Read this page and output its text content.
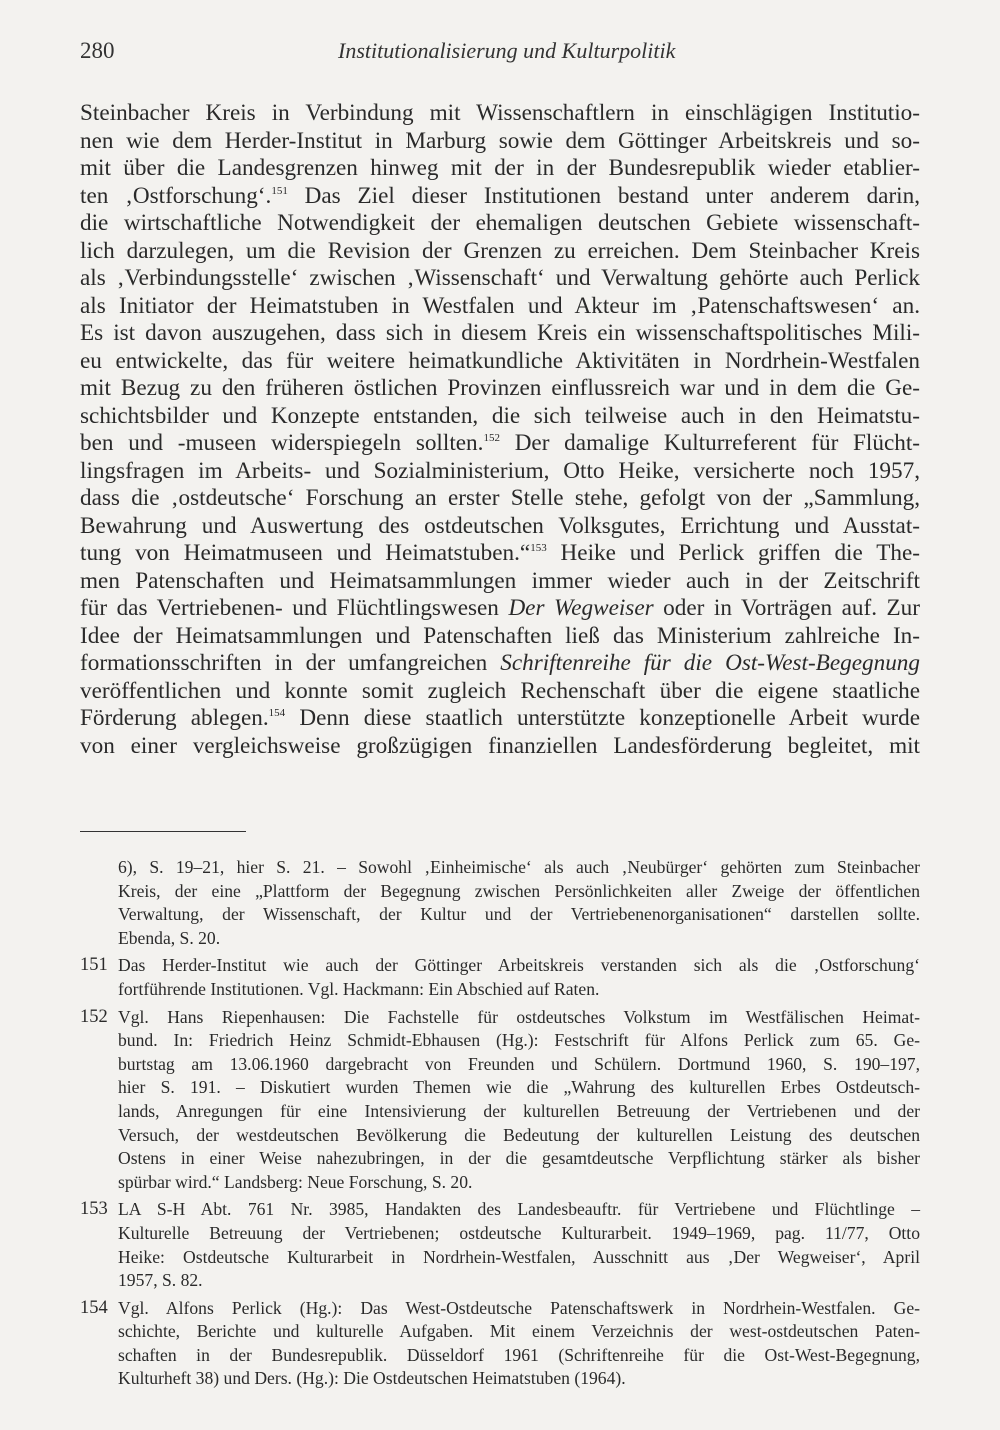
280	Institutionalisierung und Kulturpolitik
Steinbacher Kreis in Verbindung mit Wissenschaftlern in einschlägigen Institutio-
nen wie dem Herder-Institut in Marburg sowie dem Göttinger Arbeitskreis und so-
mit über die Landesgrenzen hinweg mit der in der Bundesrepublik wieder etablier-
ten ‚Ostforschung‘.$^{151}$ Das Ziel dieser Institutionen bestand unter anderem darin,
die wirtschaftliche Notwendigkeit der ehemaligen deutschen Gebiete wissenschaft-
lich darzulegen, um die Revision der Grenzen zu erreichen. Dem Steinbacher Kreis
als ‚Verbindungsstelle‘ zwischen ‚Wissenschaft‘ und Verwaltung gehörte auch Perlick
als Initiator der Heimatstuben in Westfalen und Akteur im ‚Patenschaftswesen‘ an.
Es ist davon auszugehen, dass sich in diesem Kreis ein wissenschaftspolitisches Mili-
eu entwickelte, das für weitere heimatkundliche Aktivitäten in Nordrhein-Westfalen
mit Bezug zu den früheren östlichen Provinzen einflussreich war und in dem die Ge-
schichtsbilder und Konzepte entstanden, die sich teilweise auch in den Heimatstu-
ben und -museen widerspiegeln sollten.$^{152}$ Der damalige Kulturreferent für Flücht-
lingsfragen im Arbeits- und Sozialministerium, Otto Heike, versicherte noch 1957,
dass die ‚ostdeutsche‘ Forschung an erster Stelle stehe, gefolgt von der „Sammlung,
Bewahrung und Auswertung des ostdeutschen Volksgutes, Errichtung und Ausstat-
tung von Heimatmuseen und Heimatstuben.“$^{153}$ Heike und Perlick griffen die The-
men Patenschaften und Heimatsammlungen immer wieder auch in der Zeitschrift
für das Vertriebenen- und Flüchtlingswesen Der Wegweiser oder in Vorträgen auf. Zur
Idee der Heimatsammlungen und Patenschaften ließ das Ministerium zahlreiche In-
formationsschriften in der umfangreichen Schriftenreihe für die Ost-West-Begegnung
veröffentlichen und konnte somit zugleich Rechenschaft über die eigene staatliche
Förderung ablegen.$^{154}$ Denn diese staatlich unterstützte konzeptionelle Arbeit wurde
von einer vergleichsweise großzügigen finanziellen Landesförderung begleitet, mit
6), S. 19–21, hier S. 21. – Sowohl ‚Einheimische‘ als auch ‚Neubürger‘ gehörten zum Steinbacher
Kreis, der eine „Plattform der Begegnung zwischen Persönlichkeiten aller Zweige der öffentlichen
Verwaltung, der Wissenschaft, der Kultur und der Vertriebenenorganisationen“ darstellen sollte.
Ebenda, S. 20.
151 Das Herder-Institut wie auch der Göttinger Arbeitskreis verstanden sich als die ‚Ostforschung‘
fortführende Institutionen. Vgl. Hackmann: Ein Abschied auf Raten.
152 Vgl. Hans Riepenhausen: Die Fachstelle für ostdeutsches Volkstum im Westfälischen Heimat-
bund. In: Friedrich Heinz Schmidt-Ebhausen (Hg.): Festschrift für Alfons Perlick zum 65. Ge-
burtstag am 13.06.1960 dargebracht von Freunden und Schülern. Dortmund 1960, S. 190–197,
hier S. 191. – Diskutiert wurden Themen wie die „Wahrung des kulturellen Erbes Ostdeutsch-
lands, Anregungen für eine Intensivierung der kulturellen Betreuung der Vertriebenen und der
Versuch, der westdeutschen Bevölkerung die Bedeutung der kulturellen Leistung des deutschen
Ostens in einer Weise nahezubringen, in der die gesamtdeutsche Verpflichtung stärker als bisher
spürbar wird.“ Landsberg: Neue Forschung, S. 20.
153 LA S-H Abt. 761 Nr. 3985, Handakten des Landesbeauftr. für Vertriebene und Flüchtlinge –
Kulturelle Betreuung der Vertriebenen; ostdeutsche Kulturarbeit. 1949–1969, pag. 11/77, Otto
Heike: Ostdeutsche Kulturarbeit in Nordrhein-Westfalen, Ausschnitt aus ‚Der Wegweiser‘, April
1957, S. 82.
154 Vgl. Alfons Perlick (Hg.): Das West-Ostdeutsche Patenschaftswerk in Nordrhein-Westfalen. Ge-
schichte, Berichte und kulturelle Aufgaben. Mit einem Verzeichnis der west-ostdeutschen Paten-
schaften in der Bundesrepublik. Düsseldorf 1961 (Schriftenreihe für die Ost-West-Begegnung,
Kulturheft 38) und Ders. (Hg.): Die Ostdeutschen Heimatstuben (1964).
